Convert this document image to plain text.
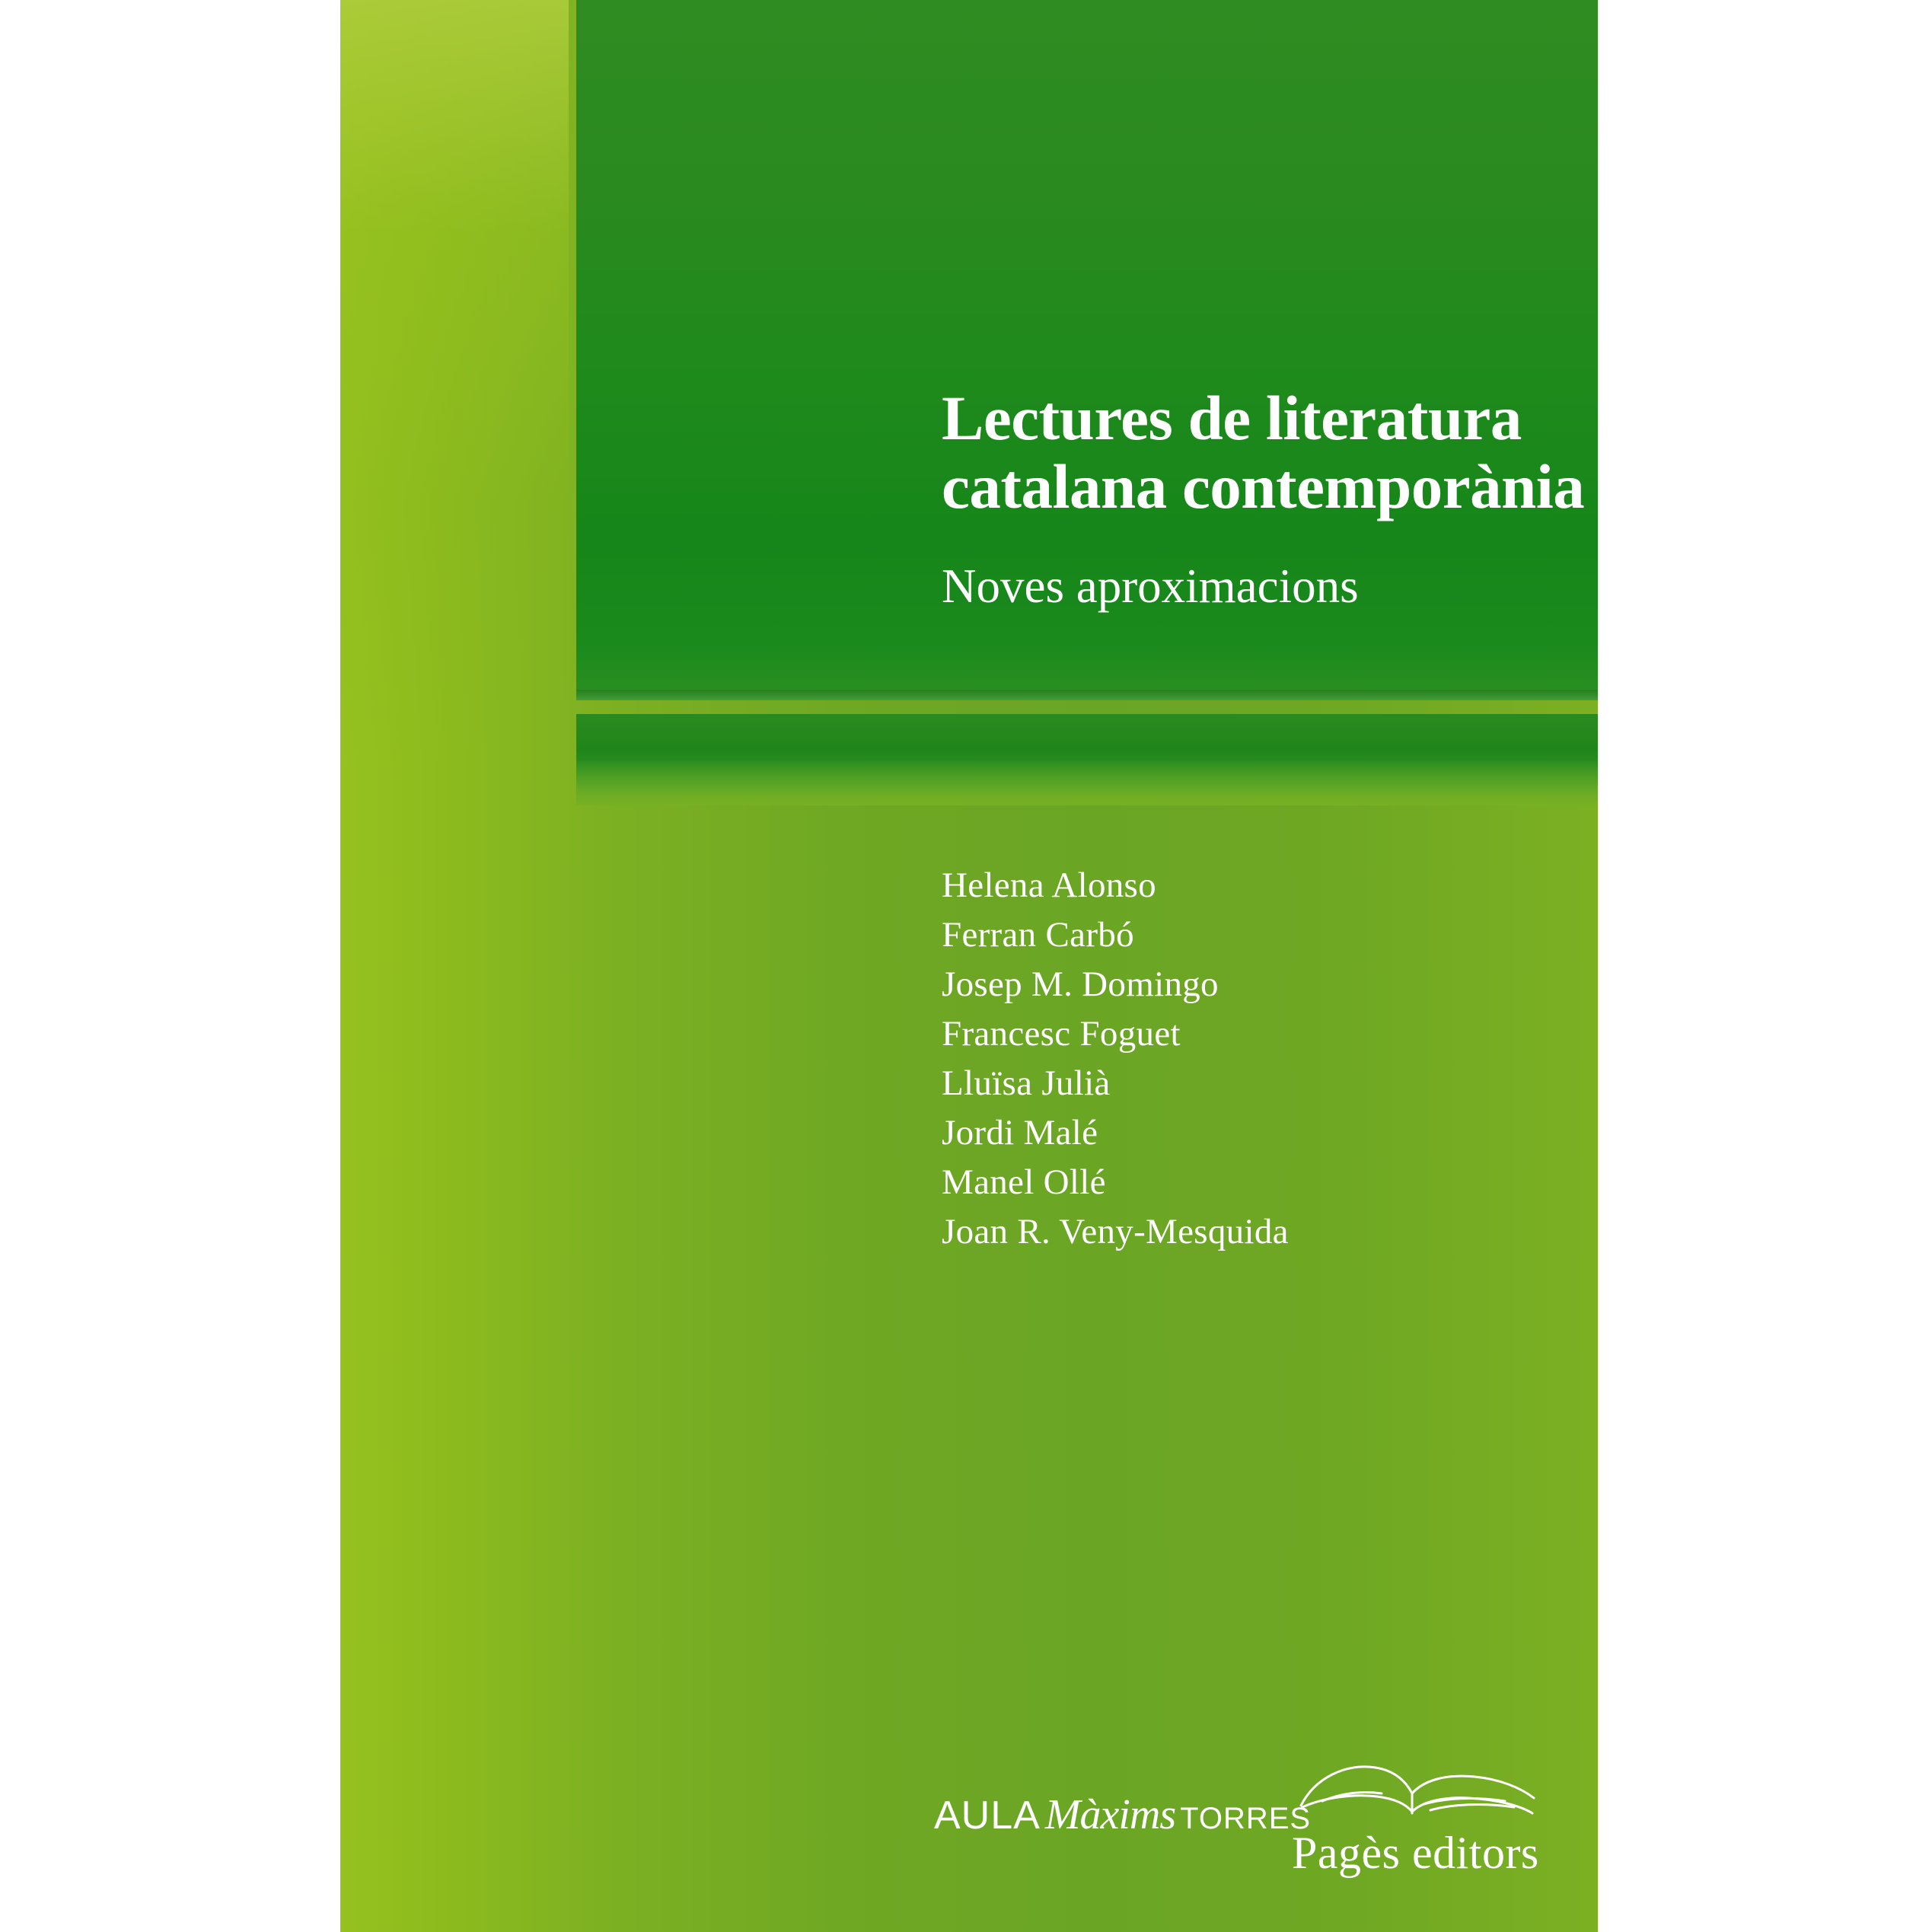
Lectures de literatura
catalana contemporània
Noves aproximacions
Helena Alonso
Ferran Carbó
Josep M. Domingo
Francesc Foguet
Lluïsa Julià
Jordi Malé
Manel Ollé
Joan R. Veny-Mesquida
AULA Màxims TORRES
Pagès editors
